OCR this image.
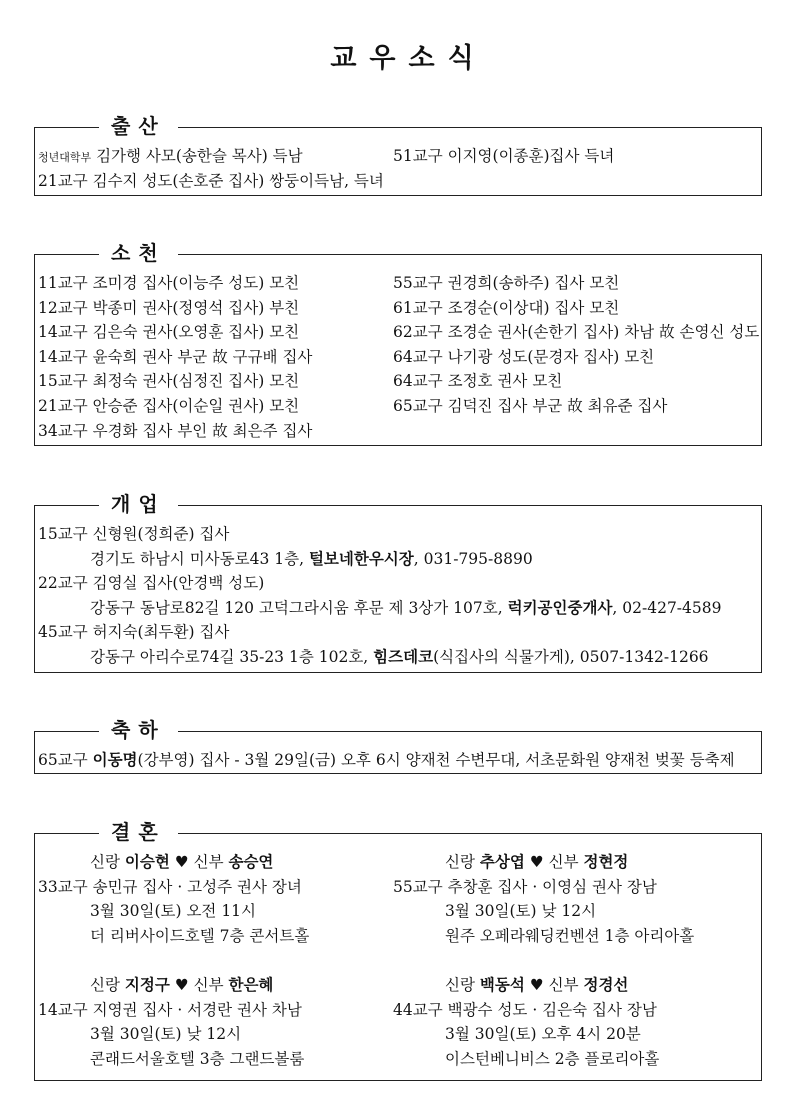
교우소식
출산
청년대학부 김가행 사모(송한슬 목사) 득남	51교구 이지영(이종훈)집사 득녀
21교구 김수지 성도(손호준 집사) 쌍둥이득남, 득녀
소천
11교구 조미경 집사(이능주 성도) 모친	55교구 권경희(송하주) 집사 모친
12교구 박종미 권사(정영석 집사) 부친	61교구 조경순(이상대) 집사 모친
14교구 김은숙 권사(오영훈 집사) 모친	62교구 조경순 권사(손한기 집사) 차남 故 손영신 성도
14교구 윤숙희 권사 부군 故 구규배 집사	64교구 나기광 성도(문경자 집사) 모친
15교구 최정숙 권사(심정진 집사) 모친	64교구 조정호 권사 모친
21교구 안승준 집사(이순일 권사) 모친	65교구 김덕진 집사 부군 故 최유준 집사
34교구 우경화 집사 부인 故 최은주 집사
개업
15교구 신형원(정희준) 집사
경기도 하남시 미사동로43 1층, 털보네한우시장, 031-795-8890
22교구 김영실 집사(안경백 성도)
강동구 동남로82길 120 고덕그라시움 후문 제 3상가 107호, 럭키공인중개사, 02-427-4589
45교구 허지숙(최두환) 집사
강동구 아리수로74길 35-23 1층 102호, 힘즈데코(식집사의 식물가게), 0507-1342-1266
축하
65교구 이동명(강부영) 집사 - 3월 29일(금) 오후 6시 양재천 수변무대, 서초문화원 양재천 벚꽃 등축제
결혼
신랑 이승현 ♥ 신부 송승연	신랑 추상엽 ♥ 신부 정현정
33교구 송민규 집사 · 고성주 권사 장녀	55교구 추창훈 집사 · 이영심 권사 장남
3월 30일(토) 오전 11시	3월 30일(토) 낮 12시
더 리버사이드호텔 7층 콘서트홀	원주 오페라웨딩컨벤션 1층 아리아홀
신랑 지정구 ♥ 신부 한은혜	신랑 백동석 ♥ 신부 정경선
14교구 지영권 집사 · 서경란 권사 차남	44교구 백광수 성도 · 김은숙 집사 장남
3월 30일(토) 낮 12시	3월 30일(토) 오후 4시 20분
콘래드서울호텔 3층 그랜드볼룸	이스턴베니비스 2층 플로리아홀
